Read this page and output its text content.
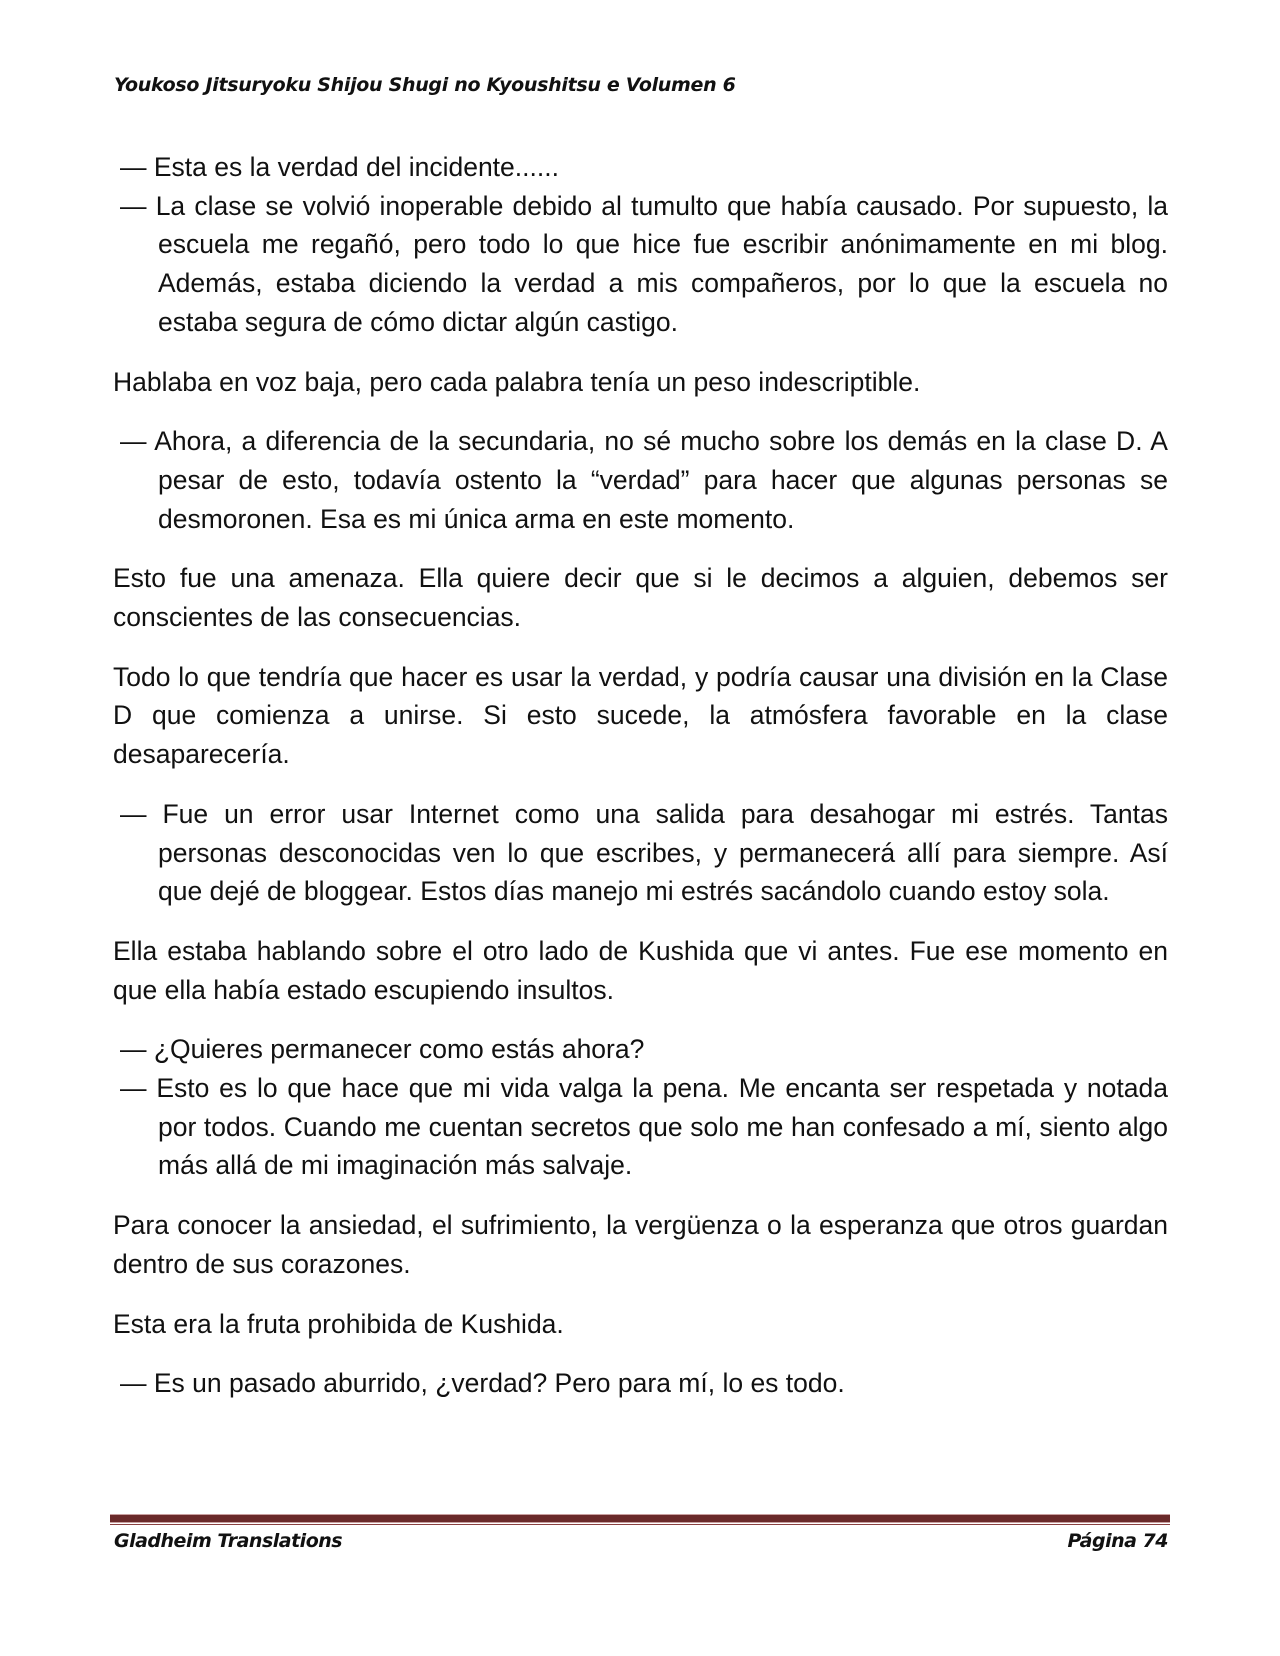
Youkoso Jitsuryoku Shijou Shugi no Kyoushitsu e Volumen 6

— Esta es la verdad del incidente......

— La clase se volvió inoperable debido al tumulto que había causado. Por supuesto, la escuela me regañó, pero todo lo que hice fue escribir anónimamente en mi blog. Además, estaba diciendo la verdad a mis compañeros, por lo que la escuela no estaba segura de cómo dictar algún castigo.

Hablaba en voz baja, pero cada palabra tenía un peso indescriptible.

— Ahora, a diferencia de la secundaria, no sé mucho sobre los demás en la clase D. A pesar de esto, todavía ostento la “verdad” para hacer que algunas personas se desmoronen. Esa es mi única arma en este momento.

Esto fue una amenaza. Ella quiere decir que si le decimos a alguien, debemos ser conscientes de las consecuencias.

Todo lo que tendría que hacer es usar la verdad, y podría causar una división en la Clase D que comienza a unirse. Si esto sucede, la atmósfera favorable en la clase desaparecería.

— Fue un error usar Internet como una salida para desahogar mi estrés. Tantas personas desconocidas ven lo que escribes, y permanecerá allí para siempre. Así que dejé de bloggear. Estos días manejo mi estrés sacándolo cuando estoy sola.

Ella estaba hablando sobre el otro lado de Kushida que vi antes. Fue ese momento en que ella había estado escupiendo insultos.

— ¿Quieres permanecer como estás ahora?

— Esto es lo que hace que mi vida valga la pena. Me encanta ser respetada y notada por todos. Cuando me cuentan secretos que solo me han confesado a mí, siento algo más allá de mi imaginación más salvaje.

Para conocer la ansiedad, el sufrimiento, la vergüenza o la esperanza que otros guardan dentro de sus corazones.

Esta era la fruta prohibida de Kushida.

— Es un pasado aburrido, ¿verdad? Pero para mí, lo es todo.

Gladheim Translations	Página 74
